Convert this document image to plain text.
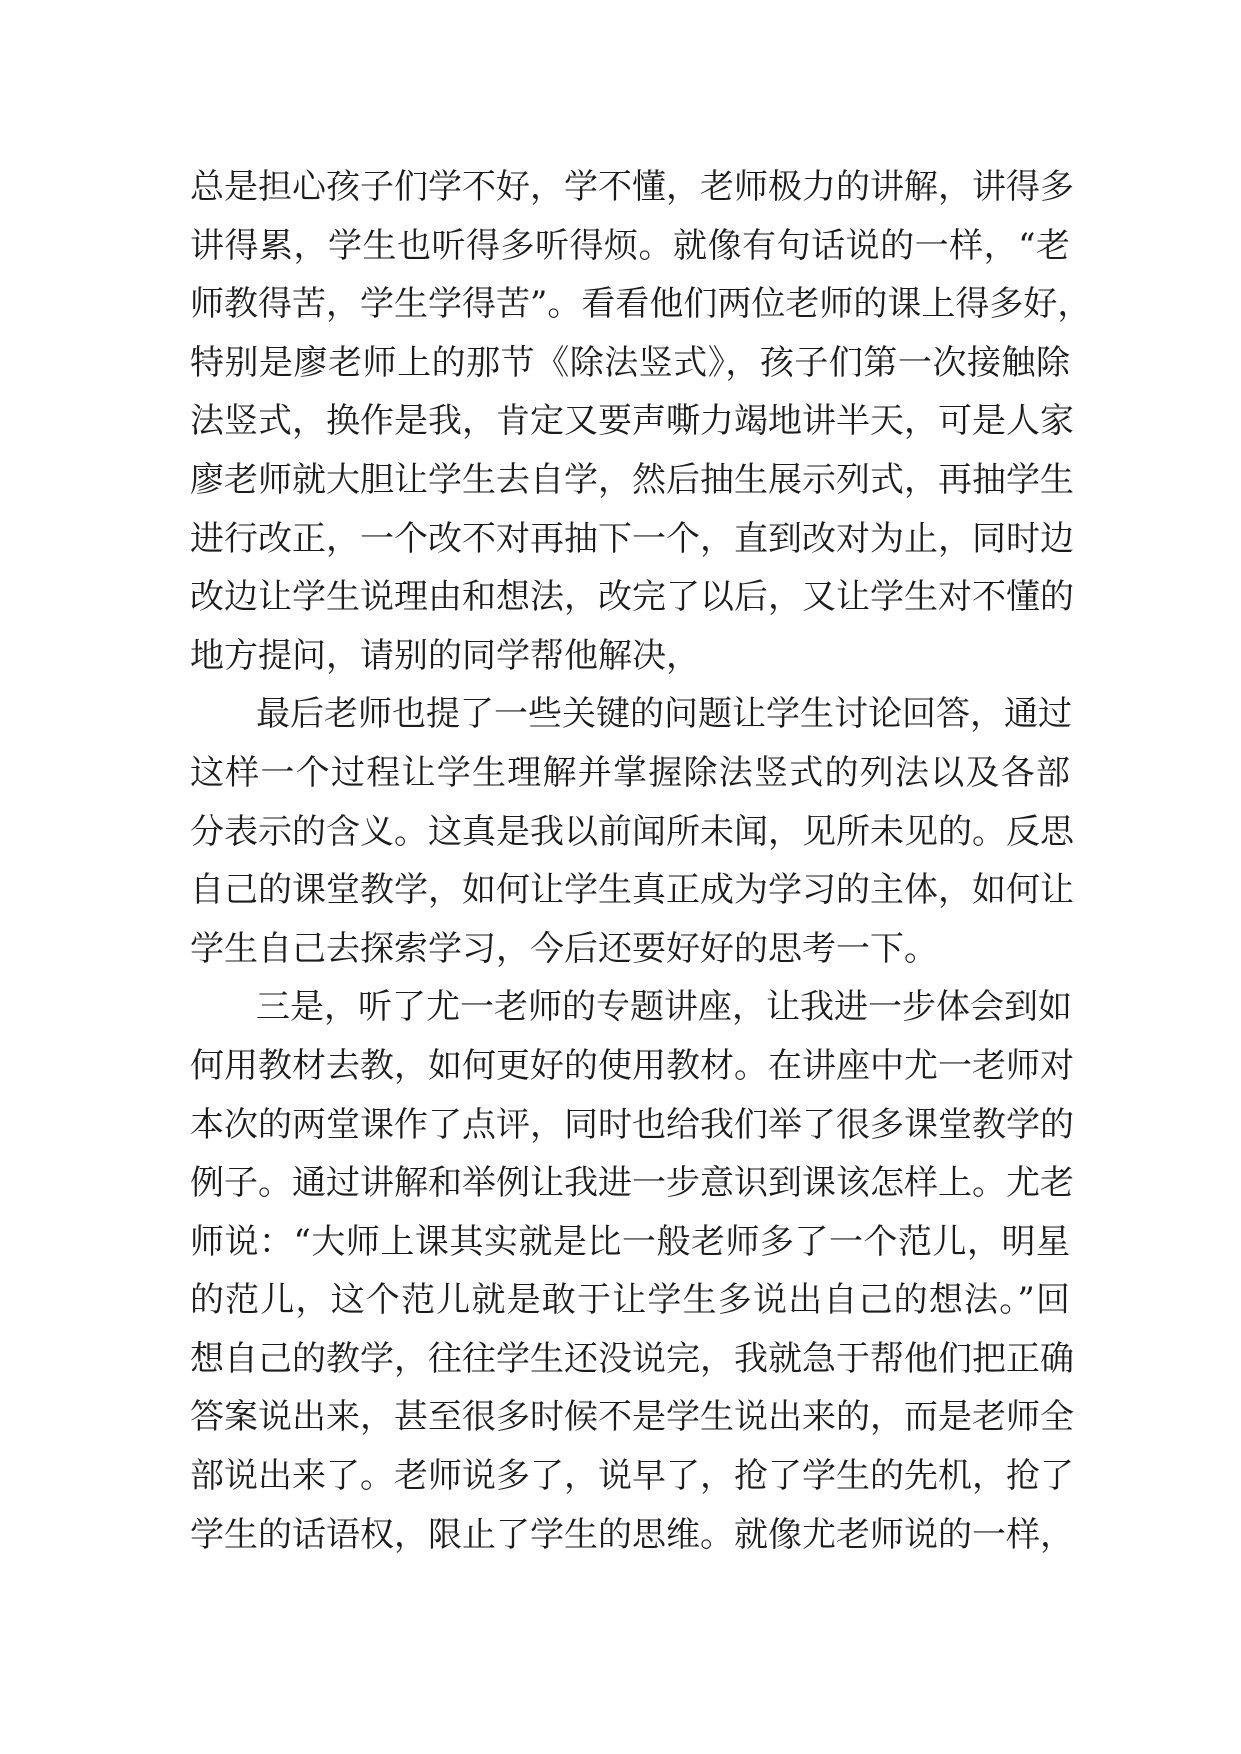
总是担心孩子们学不好，学不懂，老师极力的讲解，讲得多
讲得累，学生也听得多听得烦。就像有句话说的一样，“老
师教得苦，学生学得苦”。看看他们两位老师的课上得多好，
特别是廖老师上的那节《除法竖式》，孩子们第一次接触除
法竖式，换作是我，肯定又要声嘶力竭地讲半天，可是人家
廖老师就大胆让学生去自学，然后抽生展示列式，再抽学生
进行改正，一个改不对再抽下一个，直到改对为止，同时边
改边让学生说理由和想法，改完了以后，又让学生对不懂的
地方提问，请别的同学帮他解决，
最后老师也提了一些关键的问题让学生讨论回答，通过
这样一个过程让学生理解并掌握除法竖式的列法以及各部
分表示的含义。这真是我以前闻所未闻，见所未见的。反思
自己的课堂教学，如何让学生真正成为学习的主体，如何让
学生自己去探索学习，今后还要好好的思考一下。
三是，听了尤一老师的专题讲座，让我进一步体会到如
何用教材去教，如何更好的使用教材。在讲座中尤一老师对
本次的两堂课作了点评，同时也给我们举了很多课堂教学的
例子。通过讲解和举例让我进一步意识到课该怎样上。尤老
师说：“大师上课其实就是比一般老师多了一个范儿，明星
的范儿，这个范儿就是敢于让学生多说出自己的想法。”回
想自己的教学，往往学生还没说完，我就急于帮他们把正确
答案说出来，甚至很多时候不是学生说出来的，而是老师全
部说出来了。老师说多了，说早了，抢了学生的先机，抢了
学生的话语权，限止了学生的思维。就像尤老师说的一样，
